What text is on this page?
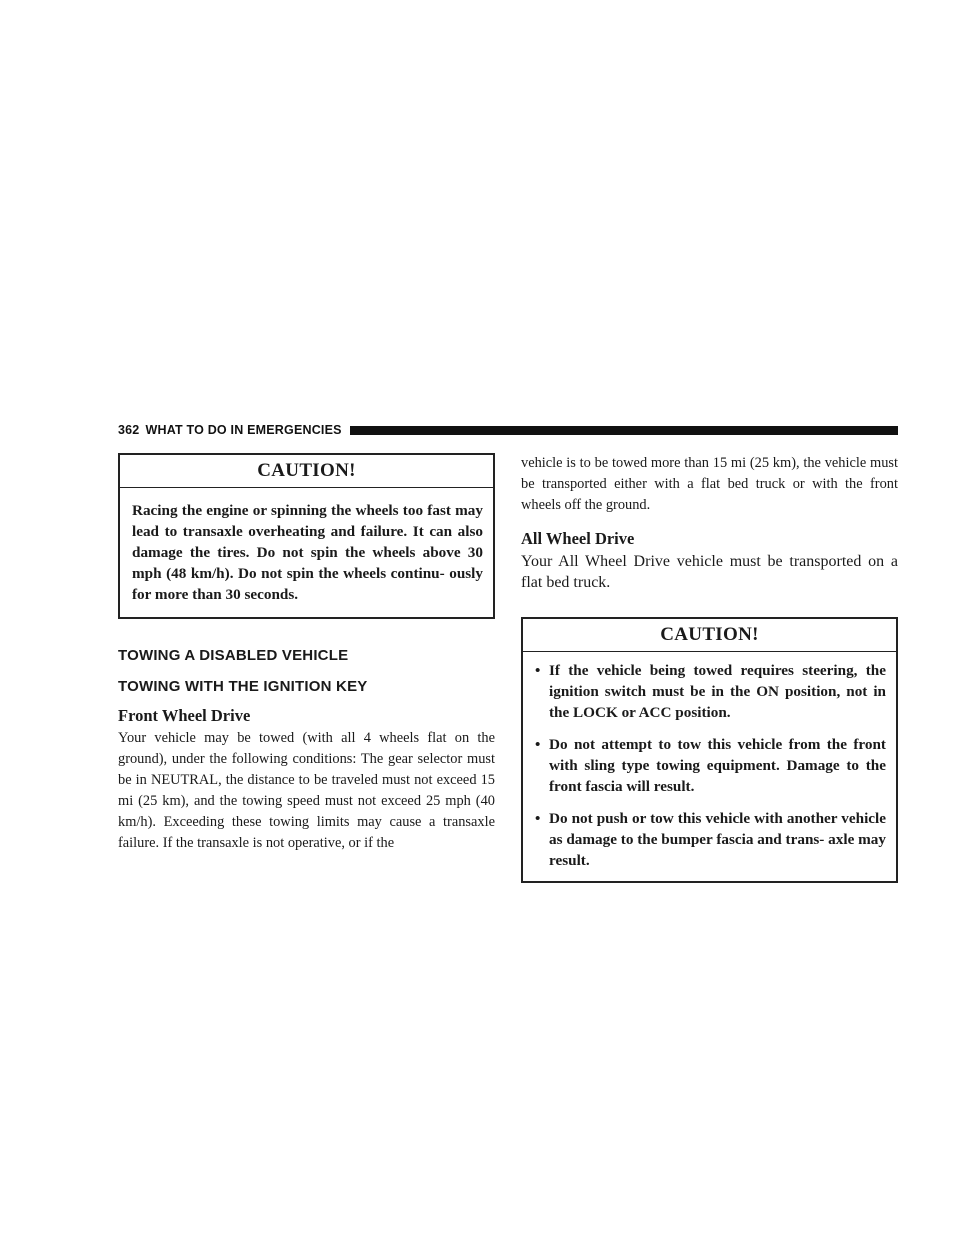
362 WHAT TO DO IN EMERGENCIES
CAUTION!
Racing the engine or spinning the wheels too fast may lead to transaxle overheating and failure. It can also damage the tires. Do not spin the wheels above 30 mph (48 km/h). Do not spin the wheels continu- ously for more than 30 seconds.
TOWING A DISABLED VEHICLE
TOWING WITH THE IGNITION KEY
Front Wheel Drive

Your vehicle may be towed (with all 4 wheels flat on the ground), under the following conditions: The gear selector must be in NEUTRAL, the distance to be traveled must not exceed 15 mi (25 km), and the towing speed must not exceed 25 mph (40 km/h). Exceeding these towing limits may cause a transaxle failure. If the transaxle is not operative, or if the

vehicle is to be towed more than 15 mi (25 km), the vehicle must be transported either with a flat bed truck or with the front wheels off the ground.

All Wheel Drive

Your All Wheel Drive vehicle must be transported on a flat bed truck.

CAUTION!
• If the vehicle being towed requires steering, the ignition switch must be in the ON position, not in the LOCK or ACC position.
• Do not attempt to tow this vehicle from the front with sling type towing equipment. Damage to the front fascia will result.
• Do not push or tow this vehicle with another vehicle as damage to the bumper fascia and trans- axle may result.
